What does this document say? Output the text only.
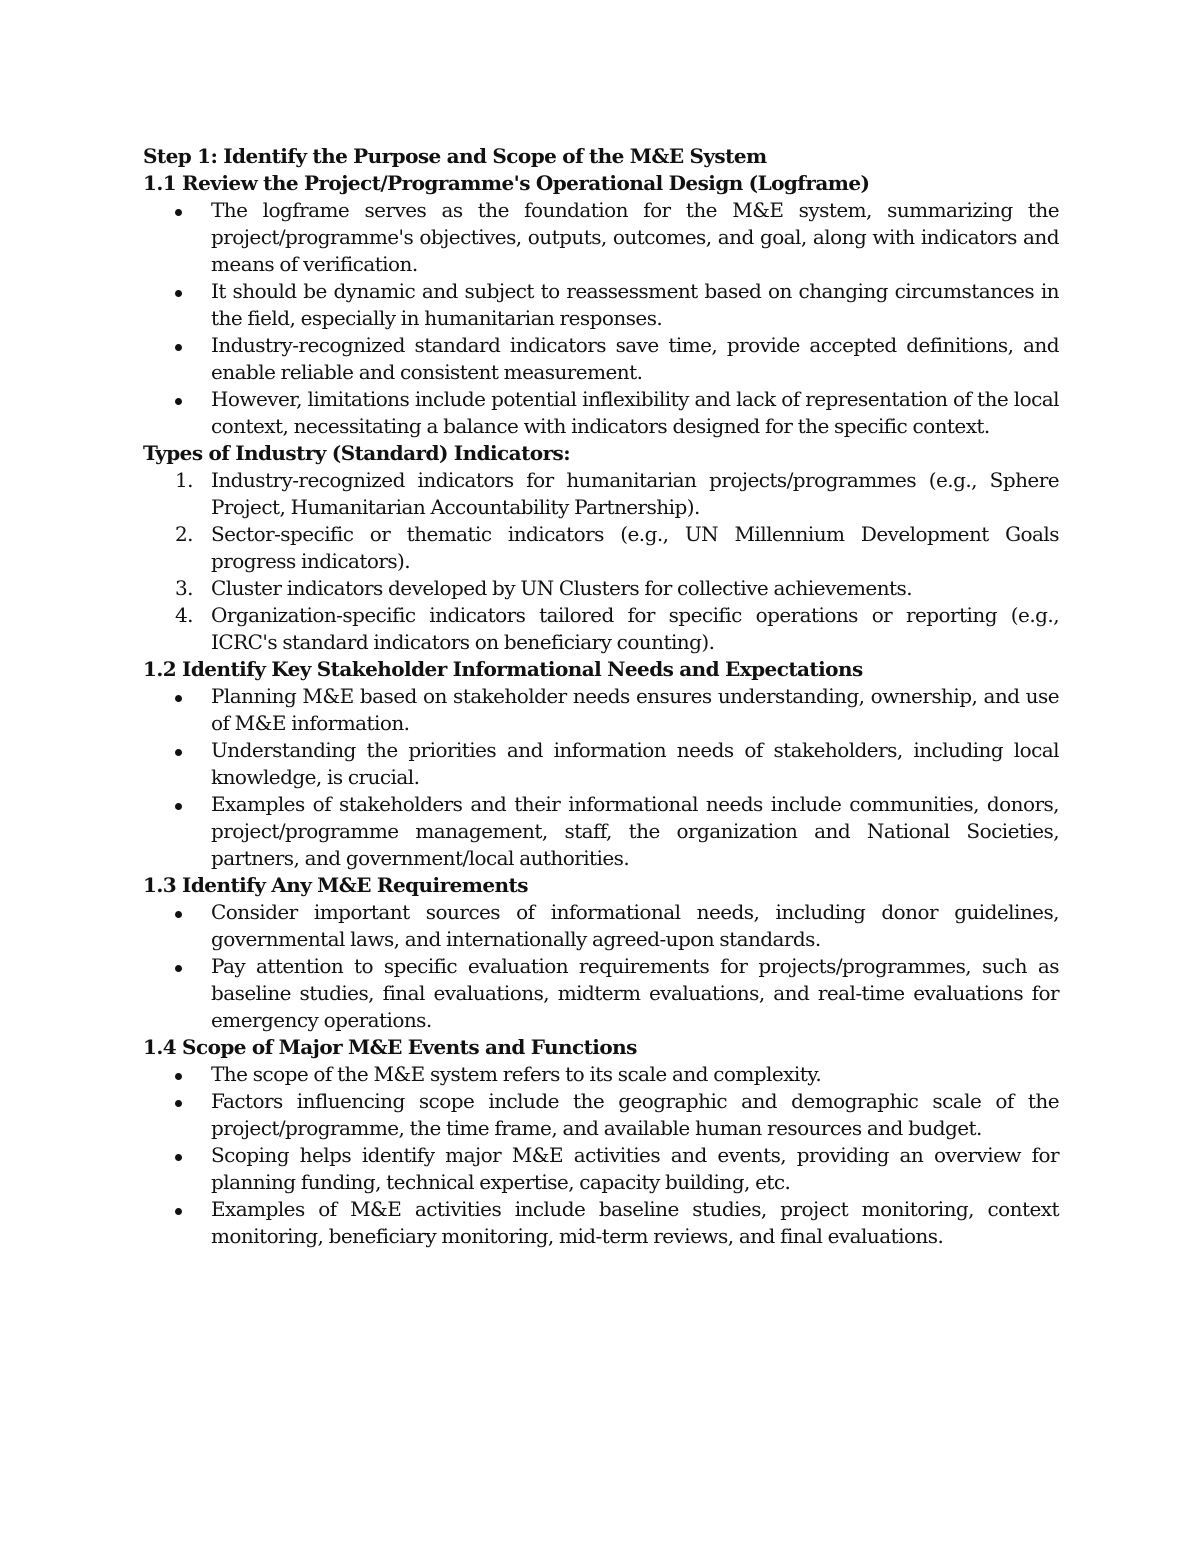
Step 1: Identify the Purpose and Scope of the M&E System

1.1 Review the Project/Programme's Operational Design (Logframe)

The logframe serves as the foundation for the M&E system, summarizing the project/programme's objectives, outputs, outcomes, and goal, along with indicators and means of verification.
It should be dynamic and subject to reassessment based on changing circumstances in the field, especially in humanitarian responses.
Industry-recognized standard indicators save time, provide accepted definitions, and enable reliable and consistent measurement.
However, limitations include potential inflexibility and lack of representation of the local context, necessitating a balance with indicators designed for the specific context.

Types of Industry (Standard) Indicators:

1. Industry-recognized indicators for humanitarian projects/programmes (e.g., Sphere Project, Humanitarian Accountability Partnership).
2. Sector-specific or thematic indicators (e.g., UN Millennium Development Goals progress indicators).
3. Cluster indicators developed by UN Clusters for collective achievements.
4. Organization-specific indicators tailored for specific operations or reporting (e.g., ICRC's standard indicators on beneficiary counting).

1.2 Identify Key Stakeholder Informational Needs and Expectations

Planning M&E based on stakeholder needs ensures understanding, ownership, and use of M&E information.
Understanding the priorities and information needs of stakeholders, including local knowledge, is crucial.
Examples of stakeholders and their informational needs include communities, donors, project/programme management, staff, the organization and National Societies, partners, and government/local authorities.

1.3 Identify Any M&E Requirements

Consider important sources of informational needs, including donor guidelines, governmental laws, and internationally agreed-upon standards.
Pay attention to specific evaluation requirements for projects/programmes, such as baseline studies, final evaluations, midterm evaluations, and real-time evaluations for emergency operations.

1.4 Scope of Major M&E Events and Functions

The scope of the M&E system refers to its scale and complexity.
Factors influencing scope include the geographic and demographic scale of the project/programme, the time frame, and available human resources and budget.
Scoping helps identify major M&E activities and events, providing an overview for planning funding, technical expertise, capacity building, etc.
Examples of M&E activities include baseline studies, project monitoring, context monitoring, beneficiary monitoring, mid-term reviews, and final evaluations.
